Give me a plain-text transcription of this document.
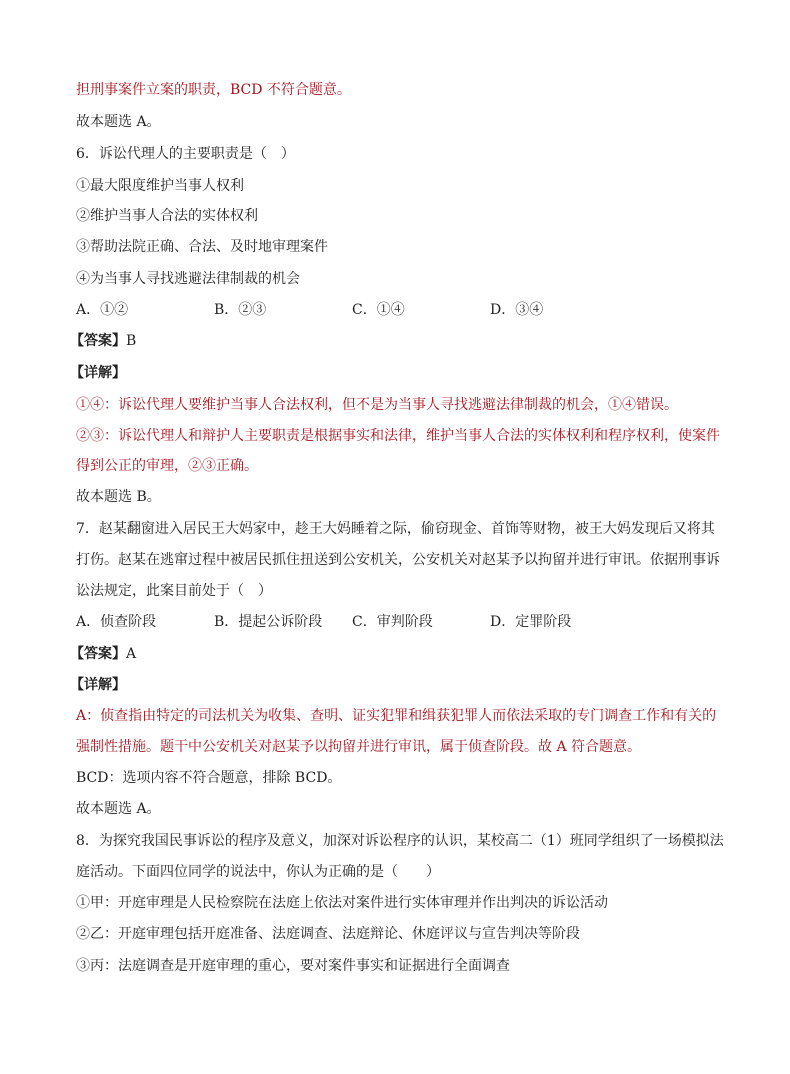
担刑事案件立案的职责，BCD 不符合题意。

故本题选 A。

6．诉讼代理人的主要职责是（　）

①最大限度维护当事人权利

②维护当事人合法的实体权利

③帮助法院正确、合法、及时地审理案件

④为当事人寻找逃避法律制裁的机会

A．①②	B．②③	C．①④	D．③④

【答案】B

【详解】

①④：诉讼代理人要维护当事人合法权利，但不是为当事人寻找逃避法律制裁的机会，①④错误。

②③：诉讼代理人和辩护人主要职责是根据事实和法律，维护当事人合法的实体权利和程序权利，使案件

得到公正的审理，②③正确。

故本题选 B。

7．赵某翻窗进入居民王大妈家中，趁王大妈睡着之际，偷窃现金、首饰等财物，被王大妈发现后又将其

打伤。赵某在逃窜过程中被居民抓住扭送到公安机关，公安机关对赵某予以拘留并进行审讯。依据刑事诉

讼法规定，此案目前处于（　）

A．侦查阶段	B．提起公诉阶段 C．审判阶段	D．定罪阶段

【答案】A

【详解】

A：侦查指由特定的司法机关为收集、查明、证实犯罪和缉获犯罪人而依法采取的专门调查工作和有关的

强制性措施。题干中公安机关对赵某予以拘留并进行审讯，属于侦查阶段。故 A 符合题意。

BCD：选项内容不符合题意，排除 BCD。

故本题选 A。

8．为探究我国民事诉讼的程序及意义，加深对诉讼程序的认识，某校高二（1）班同学组织了一场模拟法

庭活动。下面四位同学的说法中，你认为正确的是（　　）

①甲：开庭审理是人民检察院在法庭上依法对案件进行实体审理并作出判决的诉讼活动

②乙：开庭审理包括开庭准备、法庭调查、法庭辩论、休庭评议与宣告判决等阶段

③丙：法庭调查是开庭审理的重心，要对案件事实和证据进行全面调查
